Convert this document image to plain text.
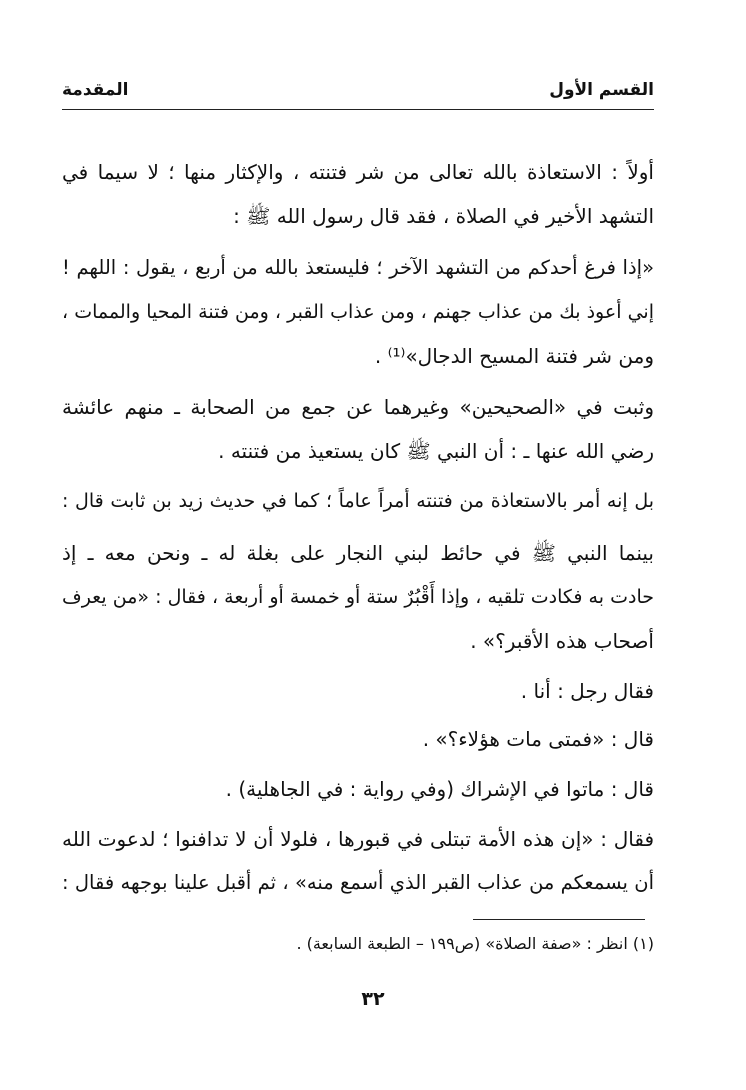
القسم الأول
المقدمة
أولاً : الاستعاذة بالله تعالى من شر فتنته ، والإكثار منها ؛ لا سيما في
التشهد الأخير في الصلاة ، فقد قال رسول الله ﷺ :
«إذا فرغ أحدكم من التشهد الآخر ؛ فليستعذ بالله من أربع ، يقول : اللهم !
إني أعوذ بك من عذاب جهنم ، ومن عذاب القبر ، ومن فتنة المحيا والممات ،
ومن شر فتنة المسيح الدجال»⁽¹⁾ .
وثبت في «الصحيحين» وغيرهما عن جمع من الصحابة ـ منهم عائشة
رضي الله عنها ـ : أن النبي ﷺ كان يستعيذ من فتنته .
بل إنه أمر بالاستعاذة من فتنته أمراً عاماً ؛ كما في حديث زيد بن ثابت قال :
بينما النبي ﷺ في حائط لبني النجار على بغلة له ـ ونحن معه ـ إذ
حادت به فكادت تلقيه ، وإذا أَقْبُرٌ ستة أو خمسة أو أربعة ، فقال : «من يعرف
أصحاب هذه الأقبر؟» .
فقال رجل : أنا .
قال : «فمتى مات هؤلاء؟» .
قال : ماتوا في الإشراك (وفي رواية : في الجاهلية) .
فقال : «إن هذه الأمة تبتلى في قبورها ، فلولا أن لا تدافنوا ؛ لدعوت الله
أن يسمعكم من عذاب القبر الذي أسمع منه» ، ثم أقبل علينا بوجهه فقال :
(١) انظر : «صفة الصلاة» (ص١٩٩ – الطبعة السابعة) .
٣٢
